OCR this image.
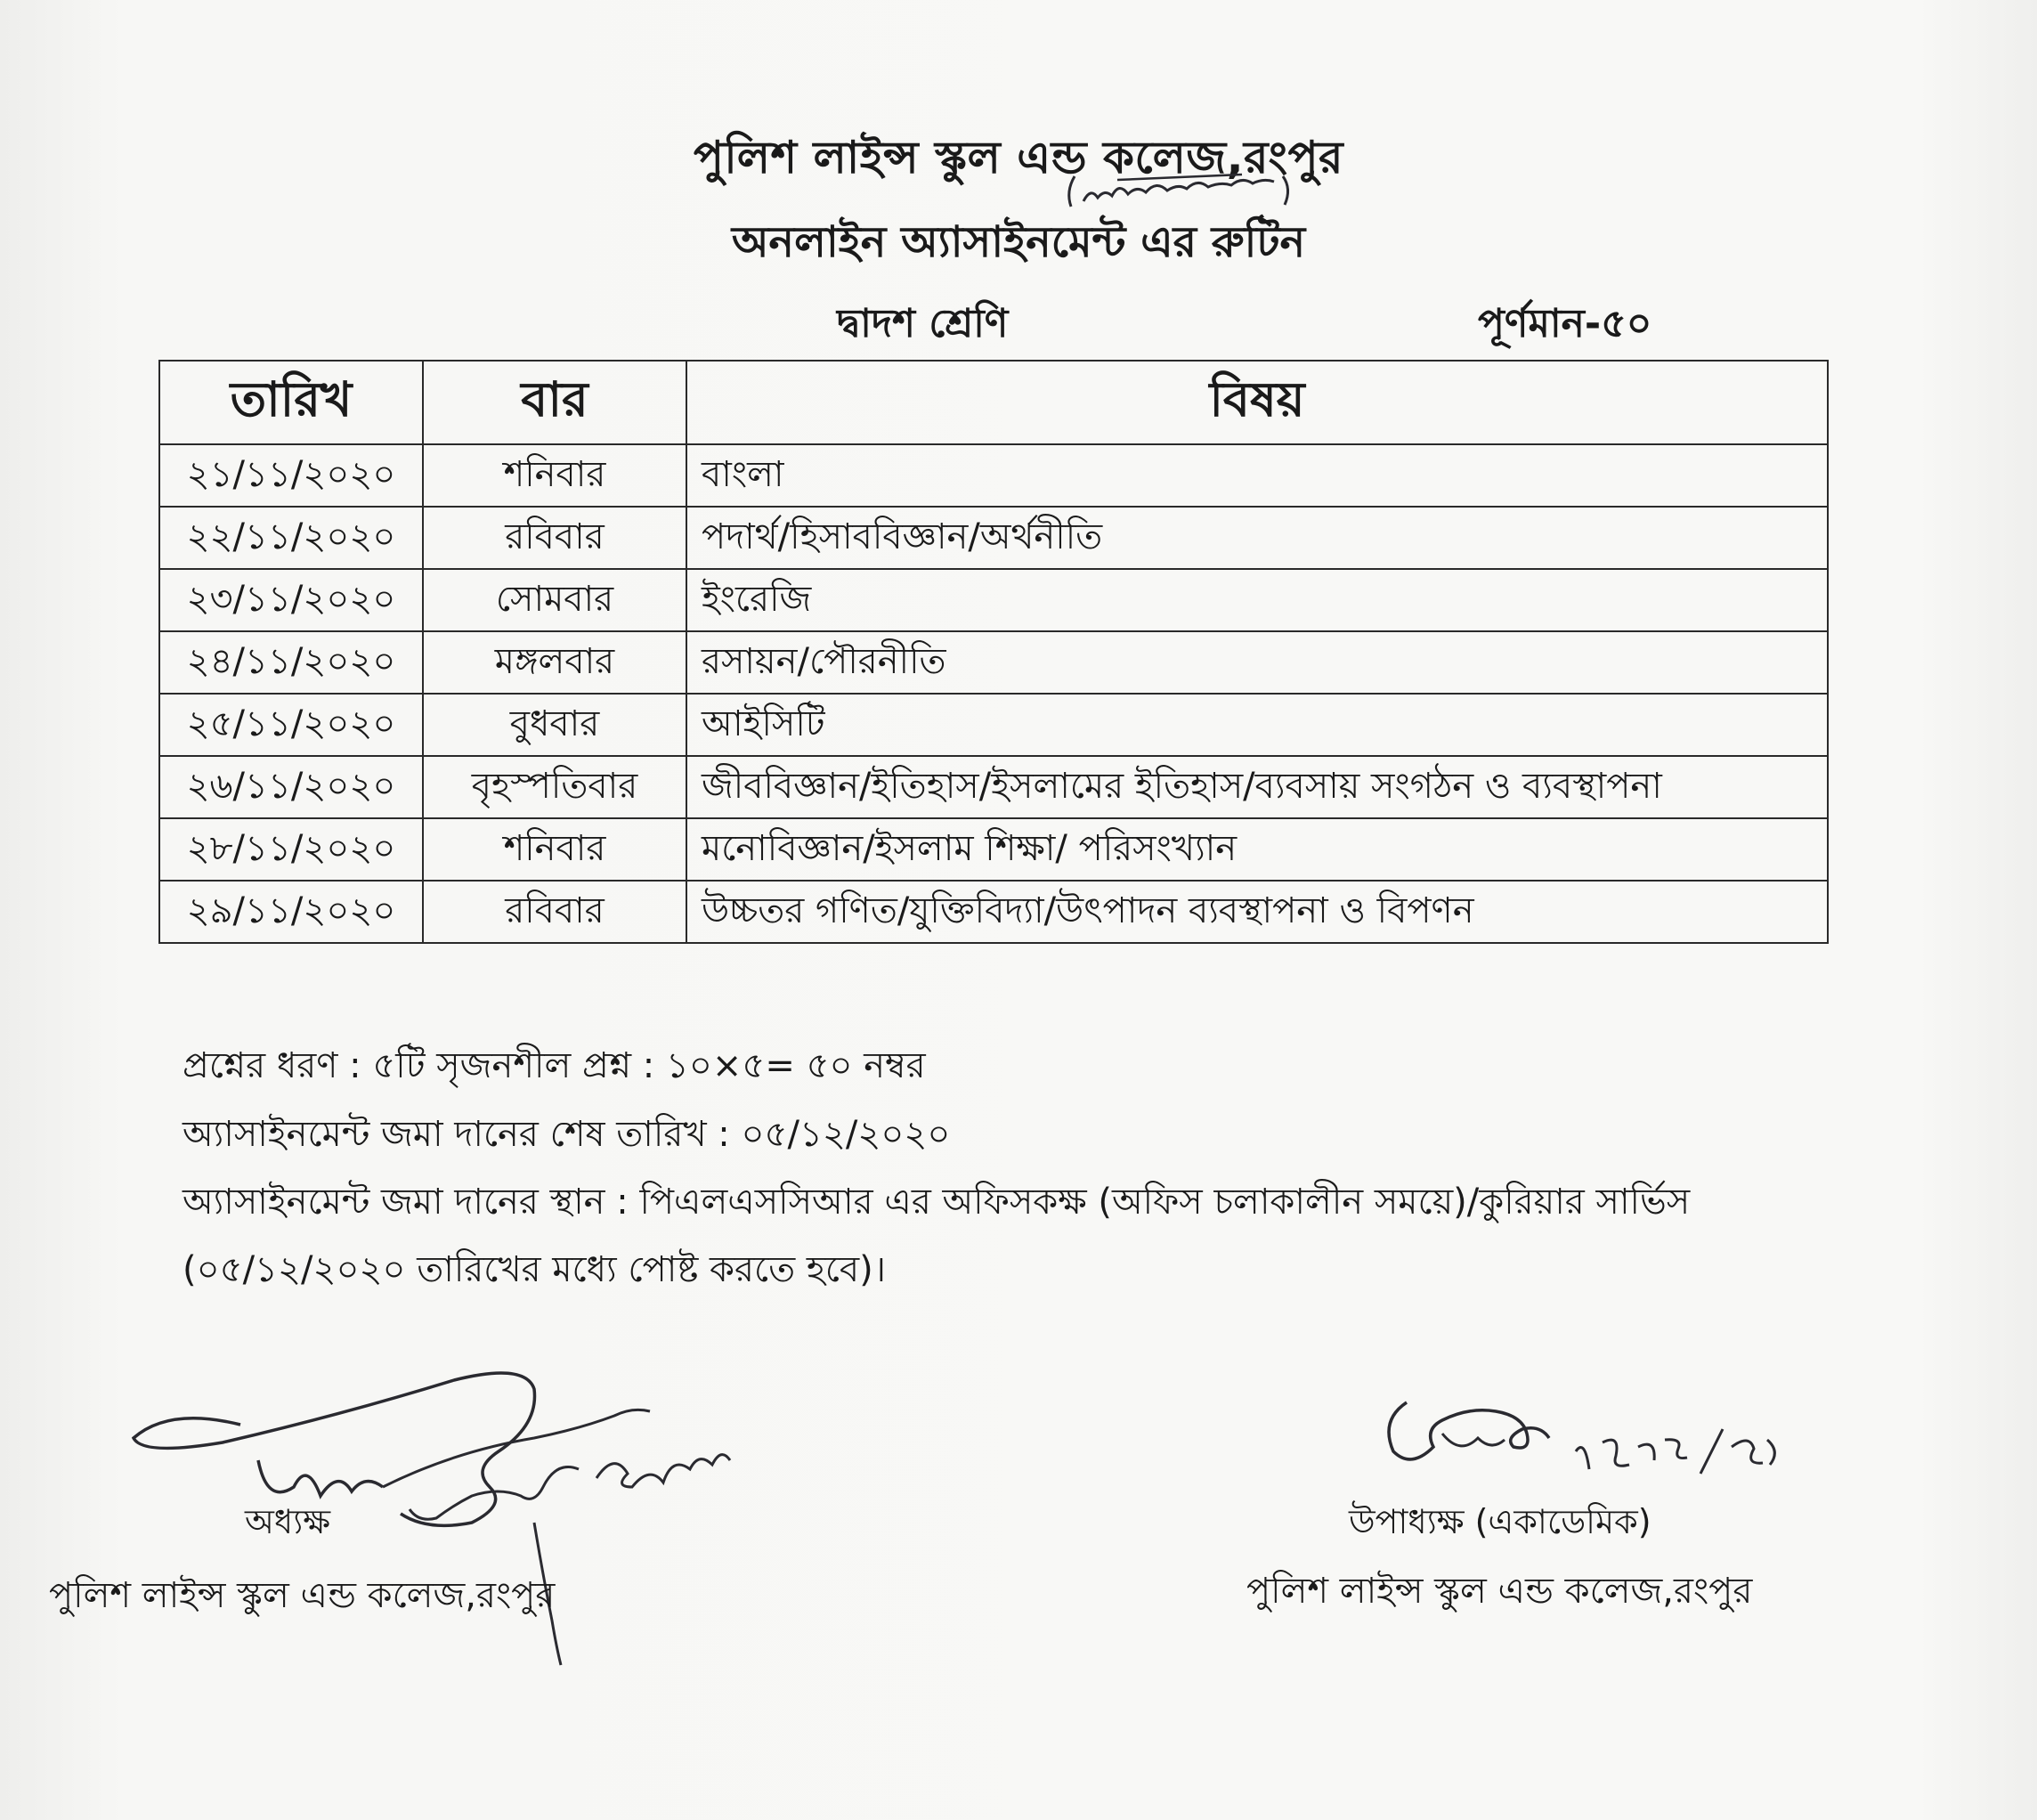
পুলিশ লাইন্স স্কুল এন্ড কলেজ,রংপুর
অনলাইন অ্যাসাইনমেন্ট এর রুটিন
দ্বাদশ শ্রেণি	পূর্ণমান-৫০
তারিখ	বার	বিষয়
২১/১১/২০২০	শনিবার	বাংলা
২২/১১/২০২০	রবিবার	পদার্থ/হিসাববিজ্ঞান/অর্থনীতি
২৩/১১/২০২০	সোমবার	ইংরেজি
২৪/১১/২০২০	মঙ্গলবার	রসায়ন/পৌরনীতি
২৫/১১/২০২০	বুধবার	আইসিটি
২৬/১১/২০২০	বৃহস্পতিবার	জীববিজ্ঞান/ইতিহাস/ইসলামের ইতিহাস/ব্যবসায় সংগঠন ও ব্যবস্থাপনা
২৮/১১/২০২০	শনিবার	মনোবিজ্ঞান/ইসলাম শিক্ষা/ পরিসংখ্যান
২৯/১১/২০২০	রবিবার	উচ্চতর গণিত/যুক্তিবিদ্যা/উৎপাদন ব্যবস্থাপনা ও বিপণন
প্রশ্নের ধরণ : ৫টি সৃজনশীল প্রশ্ন : ১০×৫= ৫০ নম্বর
অ্যাসাইনমেন্ট জমা দানের শেষ তারিখ : ০৫/১২/২০২০
অ্যাসাইনমেন্ট জমা দানের স্থান : পিএলএসসিআর এর অফিসকক্ষ (অফিস চলাকালীন সময়ে)/কুরিয়ার সার্ভিস
(০৫/১২/২০২০ তারিখের মধ্যে পোষ্ট করতে হবে)।
অধ্যক্ষ
পুলিশ লাইন্স স্কুল এন্ড কলেজ,রংপুর
উপাধ্যক্ষ (একাডেমিক)
পুলিশ লাইন্স স্কুল এন্ড কলেজ,রংপুর
